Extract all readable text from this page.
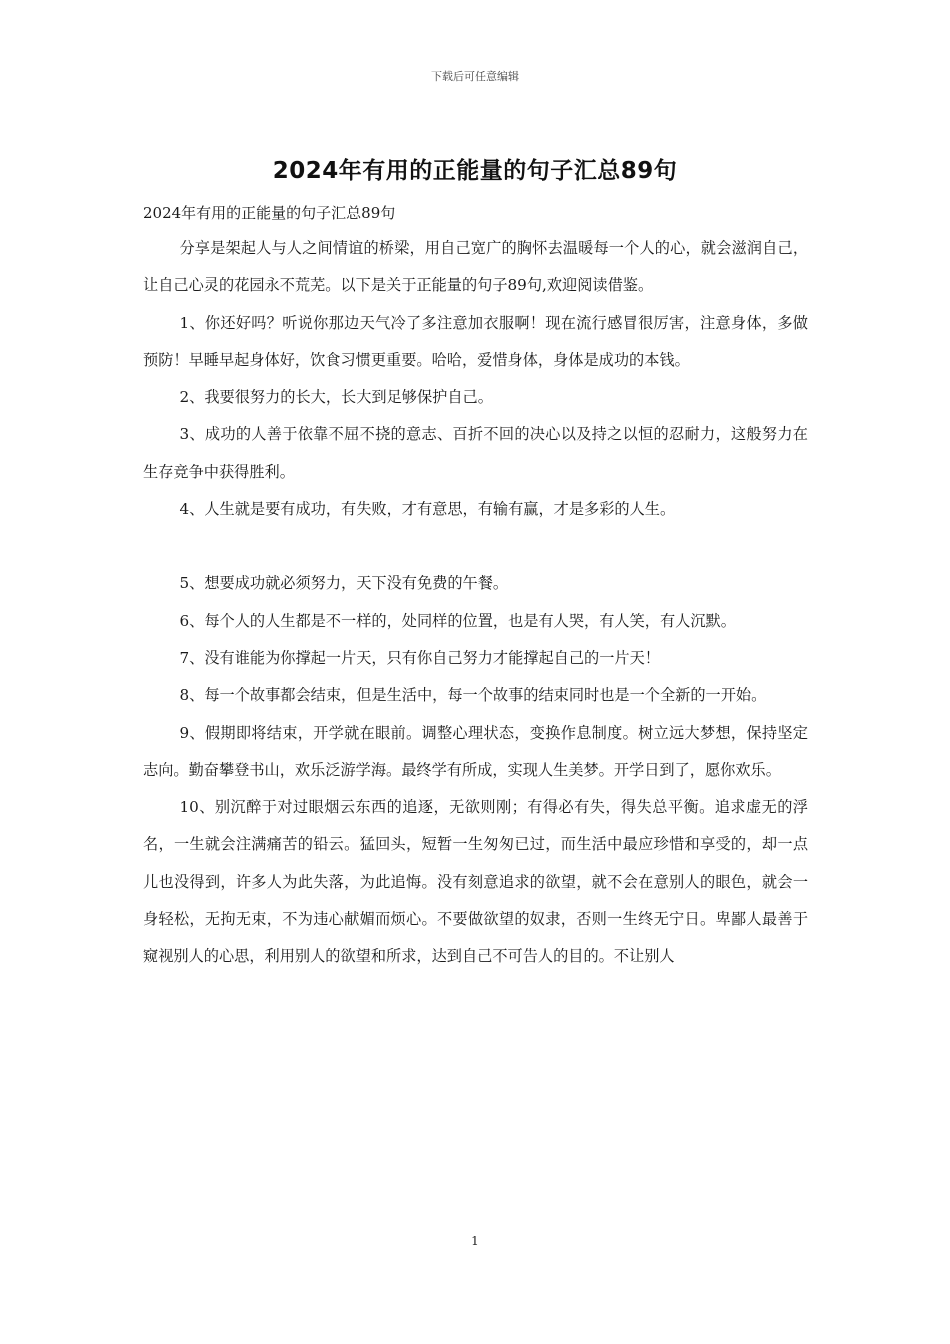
下载后可任意编辑
2024年有用的正能量的句子汇总89句

2024年有用的正能量的句子汇总89句

分享是架起人与人之间情谊的桥梁，用自己宽广的胸怀去温暖每一个人的心，就会滋润自己，让自己心灵的花园永不荒芜。以下是关于正能量的句子89句,欢迎阅读借鉴。

1、你还好吗？听说你那边天气冷了多注意加衣服啊！现在流行感冒很厉害，注意身体，多做预防！早睡早起身体好，饮食习惯更重要。哈哈，爱惜身体，身体是成功的本钱。

2、我要很努力的长大，长大到足够保护自己。

3、成功的人善于依靠不屈不挠的意志、百折不回的决心以及持之以恒的忍耐力，这般努力在生存竞争中获得胜利。

4、人生就是要有成功，有失败，才有意思，有输有赢，才是多彩的人生。

5、想要成功就必须努力，天下没有免费的午餐。

6、每个人的人生都是不一样的，处同样的位置，也是有人哭，有人笑，有人沉默。

7、没有谁能为你撑起一片天，只有你自己努力才能撑起自己的一片天！

8、每一个故事都会结束，但是生活中，每一个故事的结束同时也是一个全新的一开始。

9、假期即将结束，开学就在眼前。调整心理状态，变换作息制度。树立远大梦想，保持坚定志向。勤奋攀登书山，欢乐泛游学海。最终学有所成，实现人生美梦。开学日到了，愿你欢乐。

10、别沉醉于对过眼烟云东西的追逐，无欲则刚；有得必有失，得失总平衡。追求虚无的浮名，一生就会注满痛苦的铅云。猛回头，短暂一生匆匆已过，而生活中最应珍惜和享受的，却一点儿也没得到，许多人为此失落，为此追悔。没有刻意追求的欲望，就不会在意别人的眼色，就会一身轻松，无拘无束，不为违心献媚而烦心。不要做欲望的奴隶，否则一生终无宁日。卑鄙人最善于窥视别人的心思，利用别人的欲望和所求，达到自己不可告人的目的。不让别人

1
